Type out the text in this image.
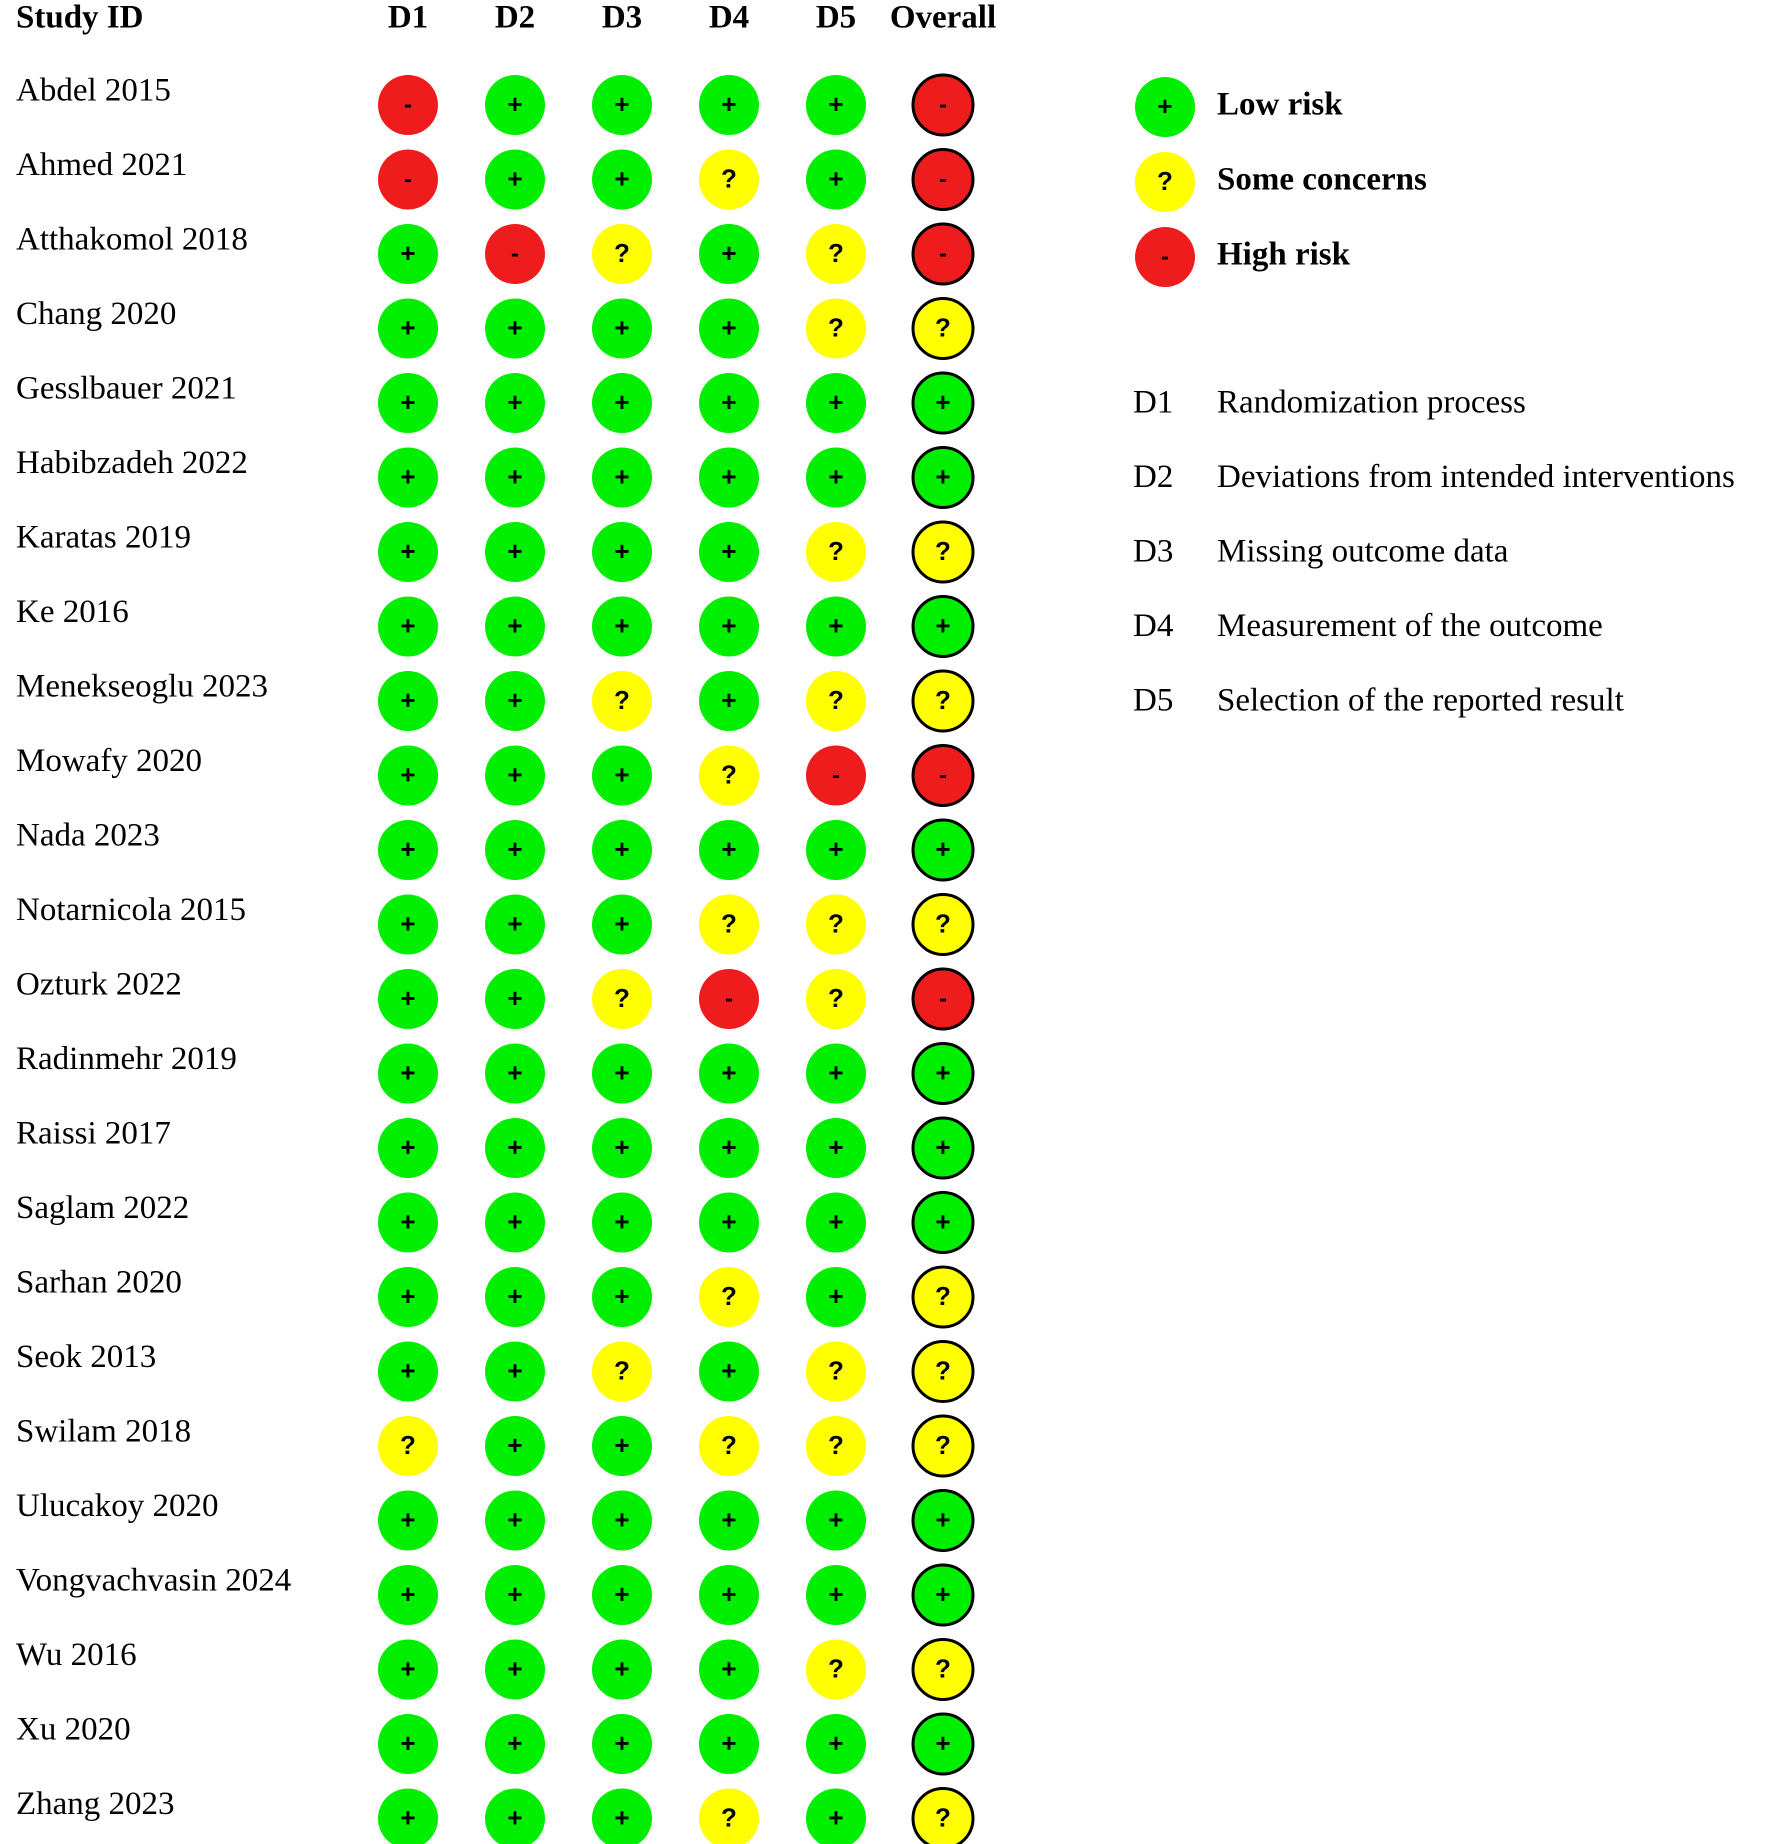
Study ID	D1 D2 D3 D4 D5 Overall
Abdel 2015	-	+	+	+	+	-
Ahmed 2021	-	+	+	?	+	-
Atthakomol 2018	+	-	?	+	?	-
Chang 2020	+	+	+	+	?	?
Gesslbauer 2021	+	+	+	+	+	+
Habibzadeh 2022	+	+	+	+	+	+
Karatas 2019	+	+	+	+	?	?
Ke 2016	+	+	+	+	+	+
Menekseoglu 2023	+	+	?	+	?	?
Mowafy 2020	+	+	+	?	-	-
Nada 2023	+	+	+	+	+	+
Notarnicola 2015	+	+	+	?	?	?
Ozturk 2022	+	+	?	-	?	-
Radinmehr 2019	+	+	+	+	+	+
Raissi 2017	+	+	+	+	+	+
Saglam 2022	+	+	+	+	+	+
Sarhan 2020	+	+	+	?	+	?
Seok 2013	+	+	?	+	?	?
Swilam 2018	?	+	+	?	?	?
Ulucakoy 2020	+	+	+	+	+	+
Vongvachvasin 2024	+	+	+	+	+	+
Wu 2016	+	+	+	+	?	?
Xu 2020	+	+	+	+	+	+
Zhang 2023	+	+	+	?	+	?
+ Low risk
? Some concerns
- High risk
D1 Randomization process
D2 Deviations from intended interventions
D3 Missing outcome data
D4 Measurement of the outcome
D5 Selection of the reported result
